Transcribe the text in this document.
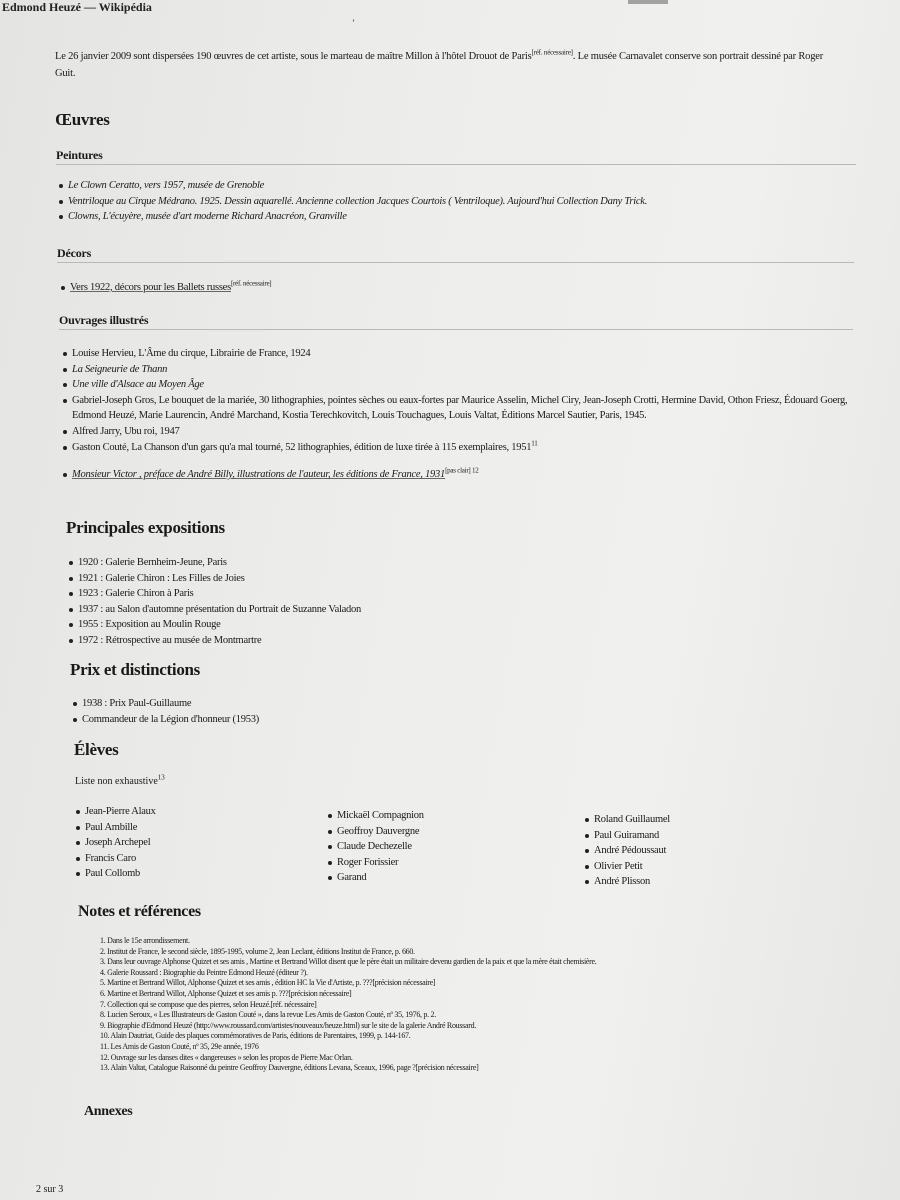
Edmond Heuzé — Wikipédia
ʼ

Le 26 janvier 2009 sont dispersées 190 œuvres de cet artiste, sous le marteau de maître Millon à l'hôtel Drouot de Paris[réf. nécessaire]. Le musée Carnavalet conserve son portrait dessiné par Roger Guit.

Œuvres
Peintures
Le Clown Ceratto, vers 1957, musée de Grenoble
Ventriloque au Cirque Médrano. 1925. Dessin aquarellé. Ancienne collection Jacques Courtois ( Ventriloque). Aujourd'hui Collection Dany Trick.
Clowns, L'écuyère, musée d'art moderne Richard Anacréon, Granville
Décors
Vers 1922, décors pour les Ballets russes[réf. nécessaire]
Ouvrages illustrés
Louise Hervieu, L'Âme du cirque, Librairie de France, 1924
La Seigneurie de Thann
Une ville d'Alsace au Moyen Âge
Gabriel-Joseph Gros, Le bouquet de la mariée, 30 lithographies, pointes sèches ou eaux-fortes par Maurice Asselin, Michel Ciry, Jean-Joseph Crotti, Hermine David, Othon Friesz, Édouard Goerg, Edmond Heuzé, Marie Laurencin, André Marchand, Kostia Terechkovitch, Louis Touchagues, Louis Valtat, Éditions Marcel Sautier, Paris, 1945.
Alfred Jarry, Ubu roi, 1947
Gaston Couté, La Chanson d'un gars qu'a mal tourné, 52 lithographies, édition de luxe tirée à 115 exemplaires, 1951$^{11}$
Monsieur Victor , préface de André Billy, illustrations de l'auteur, les éditions de France, $1931^{[pas clair] 12}$
Principales expositions
1920 : Galerie Bernheim-Jeune, Paris
1921 : Galerie Chiron : Les Filles de Joies
1923 : Galerie Chiron à Paris
1937 : au Salon d'automne présentation du Portrait de Suzanne Valadon
1955 : Exposition au Moulin Rouge
1972 : Rétrospective au musée de Montmartre
Prix et distinctions
1938 : Prix Paul-Guillaume
Commandeur de la Légion d'honneur (1953)
Élèves
Liste non exhaustive$^{13}$
Jean-Pierre Alaux
Paul Ambille
Joseph Archepel
Francis Caro
Paul Collomb
Mickaël Compagnion
Geoffroy Dauvergne
Claude Dechezelle
Roger Forissier
Garand
Roland Guillaumel
Paul Guiramand
André Pédoussaut
Olivier Petit
André Plisson
Notes et références
1. Dans le 15e arrondissement.
2. Institut de France, le second siècle, 1895-1995, volume 2, Jean Leclant, éditions Institut de France, p. 660.
3. Dans leur ouvrage Alphonse Quizet et ses amis , Martine et Bertrand Willot disent que le père était un militaire devenu gardien de la paix et que la mère était chemisière.
4. Galerie Roussard : Biographie du Peintre Edmond Heuzé (éditeur ?).
5. Martine et Bertrand Willot, Alphonse Quizet et ses amis , édition HC la Vie d'Artiste, p. ???[précision nécessaire]
6. Martine et Bertrand Willot, Alphonse Quizet et ses amis p. ???[précision nécessaire]
7. Collection qui se compose que des pierres, selon Heuzé.[réf. nécessaire]
8. Lucien Seroux, « Les Illustrateurs de Gaston Couté », dans la revue Les Amis de Gaston Couté, nº 35, 1976, p. 2.
9. Biographie d'Edmond Heuzé (http://www.roussard.com/artistes/nouveaux/heuze.html) sur le site de la galerie André Roussard.
10. Alain Dautriat, Guide des plaques commémoratives de Paris, éditions de Parentaires, 1999, p. 144-167.
11. Les Amis de Gaston Couté, nº 35, 29e année, 1976
12. Ouvrage sur les danses dites « dangereuses » selon les propos de Pierre Mac Orlan.
13. Alain Valtat, Catalogue Raisonné du peintre Geoffroy Dauvergne, éditions Levana, Sceaux, 1996, page ?[précision nécessaire]
Annexes
2 sur 3
